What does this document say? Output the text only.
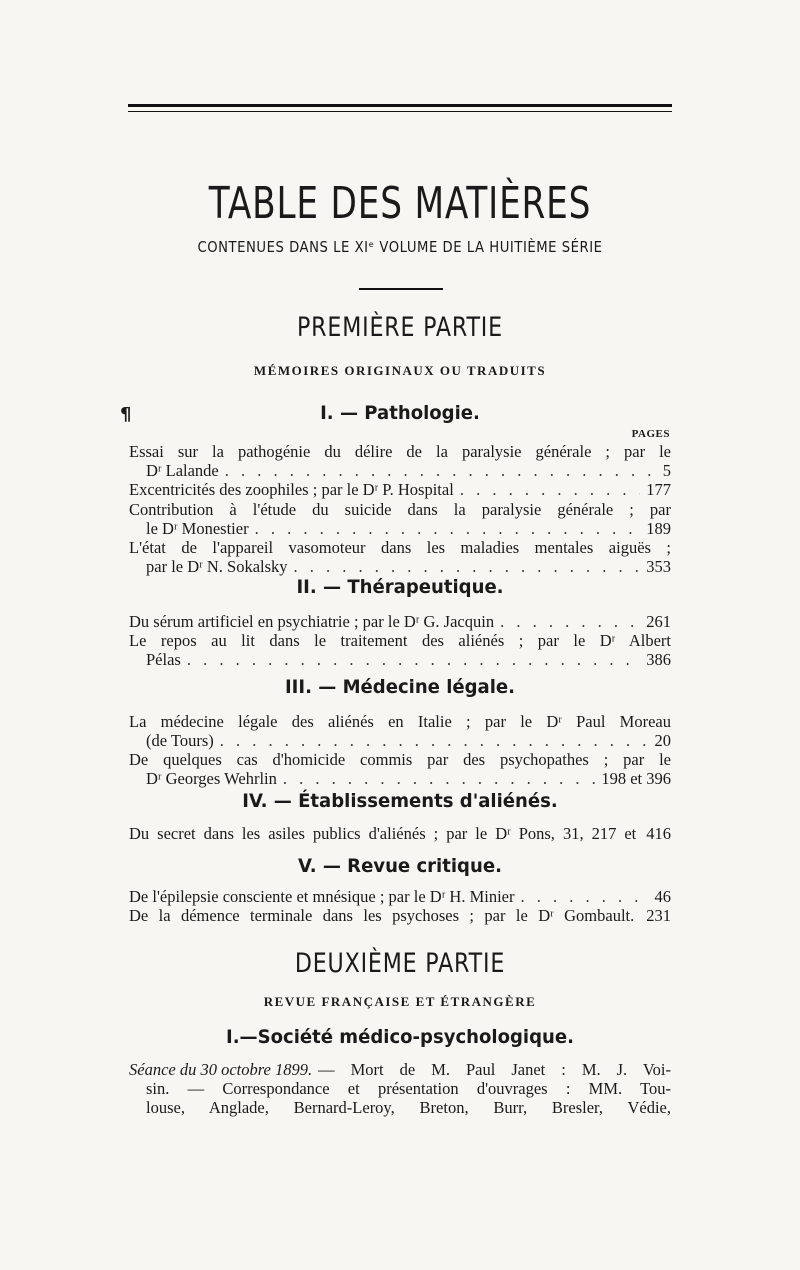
TABLE DES MATIÈRES
CONTENUES DANS LE XIᵉ VOLUME DE LA HUITIÈME SÉRIE
PREMIÈRE PARTIE
MÉMOIRES ORIGINAUX OU TRADUITS
¶	I. — Pathologie.
PAGES
Essai sur la pathogénie du délire de la paralysie générale ; par le
Dʳ Lalande . . .	5
Excentricités des zoophiles ; par le Dʳ P. Hospital . . .	177
Contribution à l'étude du suicide dans la paralysie générale ; par
le Dʳ Monestier . . .	189
L'état de l'appareil vasomoteur dans les maladies mentales aiguës ;
par le Dʳ N. Sokalsky . . .	353
II. — Thérapeutique.
Du sérum artificiel en psychiatrie ; par le Dʳ G. Jacquin . . .	261
Le repos au lit dans le traitement des aliénés ; par le Dʳ Albert
Pélas . . .	386
III. — Médecine légale.
La médecine légale des aliénés en Italie ; par le Dʳ Paul Moreau
(de Tours) . . .	20
De quelques cas d'homicide commis par des psychopathes ; par le
Dʳ Georges Wehrlin . . .	198 et 396
IV. — Établissements d'aliénés.
Du secret dans les asiles publics d'aliénés ; par le Dʳ Pons, 31, 217 et 416
V. — Revue critique.
De l'épilepsie consciente et mnésique ; par le Dʳ H. Minier . . .	46
De la démence terminale dans les psychoses ; par le Dʳ Gombault. 231
DEUXIÈME PARTIE
REVUE FRANÇAISE ET ÉTRANGÈRE
I.—Société médico-psychologique.
Séance du 30 octobre 1899. — Mort de M. Paul Janet : M. J. Voi-
sin. — Correspondance et présentation d'ouvrages : MM. Tou-
louse, Anglade, Bernard-Leroy, Breton, Burr, Bresler, Védie,
